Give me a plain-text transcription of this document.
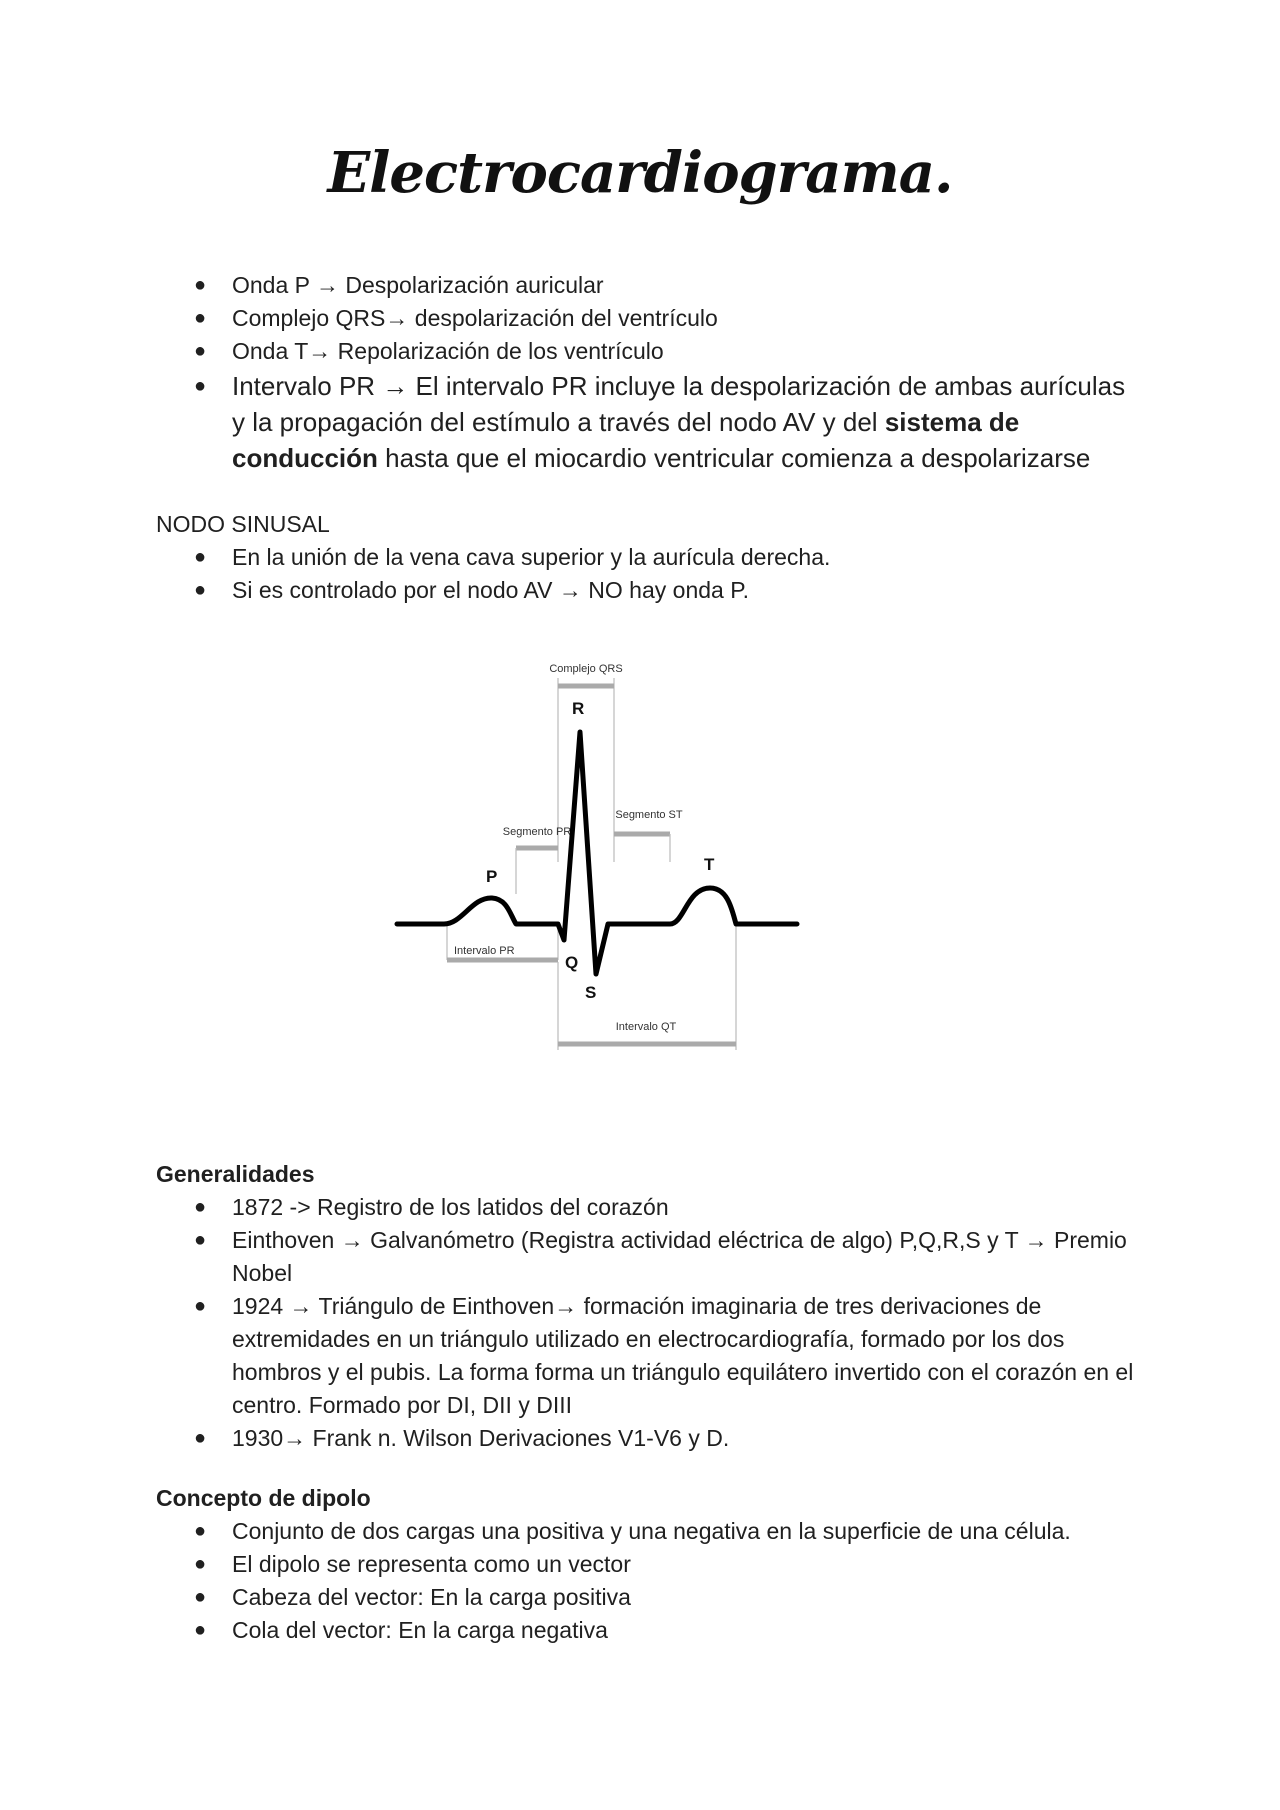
Electrocardiograma.
● Onda P → Despolarización auricular
● Complejo QRS→ despolarización del ventrículo
● Onda T→ Repolarización de los ventrículo
● Intervalo PR → El intervalo PR incluye la despolarización de ambas aurículas y la propagación del estímulo a través del nodo AV y del sistema de conducción hasta que el miocardio ventricular comienza a despolarizarse

NODO SINUSAL

● En la unión de la vena cava superior y la aurícula derecha.
● Si es controlado por el nodo AV → NO hay onda P.
Complejo QRS
Segmento ST
Segmento PR
Intervalo PR
Intervalo QT
P
R
Q
S
T

Generalidades

● 1872 -> Registro de los latidos del corazón
● Einthoven → Galvanómetro (Registra actividad eléctrica de algo) P,Q,R,S y T → Premio Nobel
● 1924 → Triángulo de Einthoven→ formación imaginaria de tres derivaciones de extremidades en un triángulo utilizado en electrocardiografía, formado por los dos hombros y el pubis. La forma forma un triángulo equilátero invertido con el corazón en el centro. Formado por DI, DII y DIII
● 1930→ Frank n. Wilson Derivaciones V1-V6 y D.

Concepto de dipolo

● Conjunto de dos cargas una positiva y una negativa en la superficie de una célula.
● El dipolo se representa como un vector
● Cabeza del vector: En la carga positiva
● Cola del vector: En la carga negativa
